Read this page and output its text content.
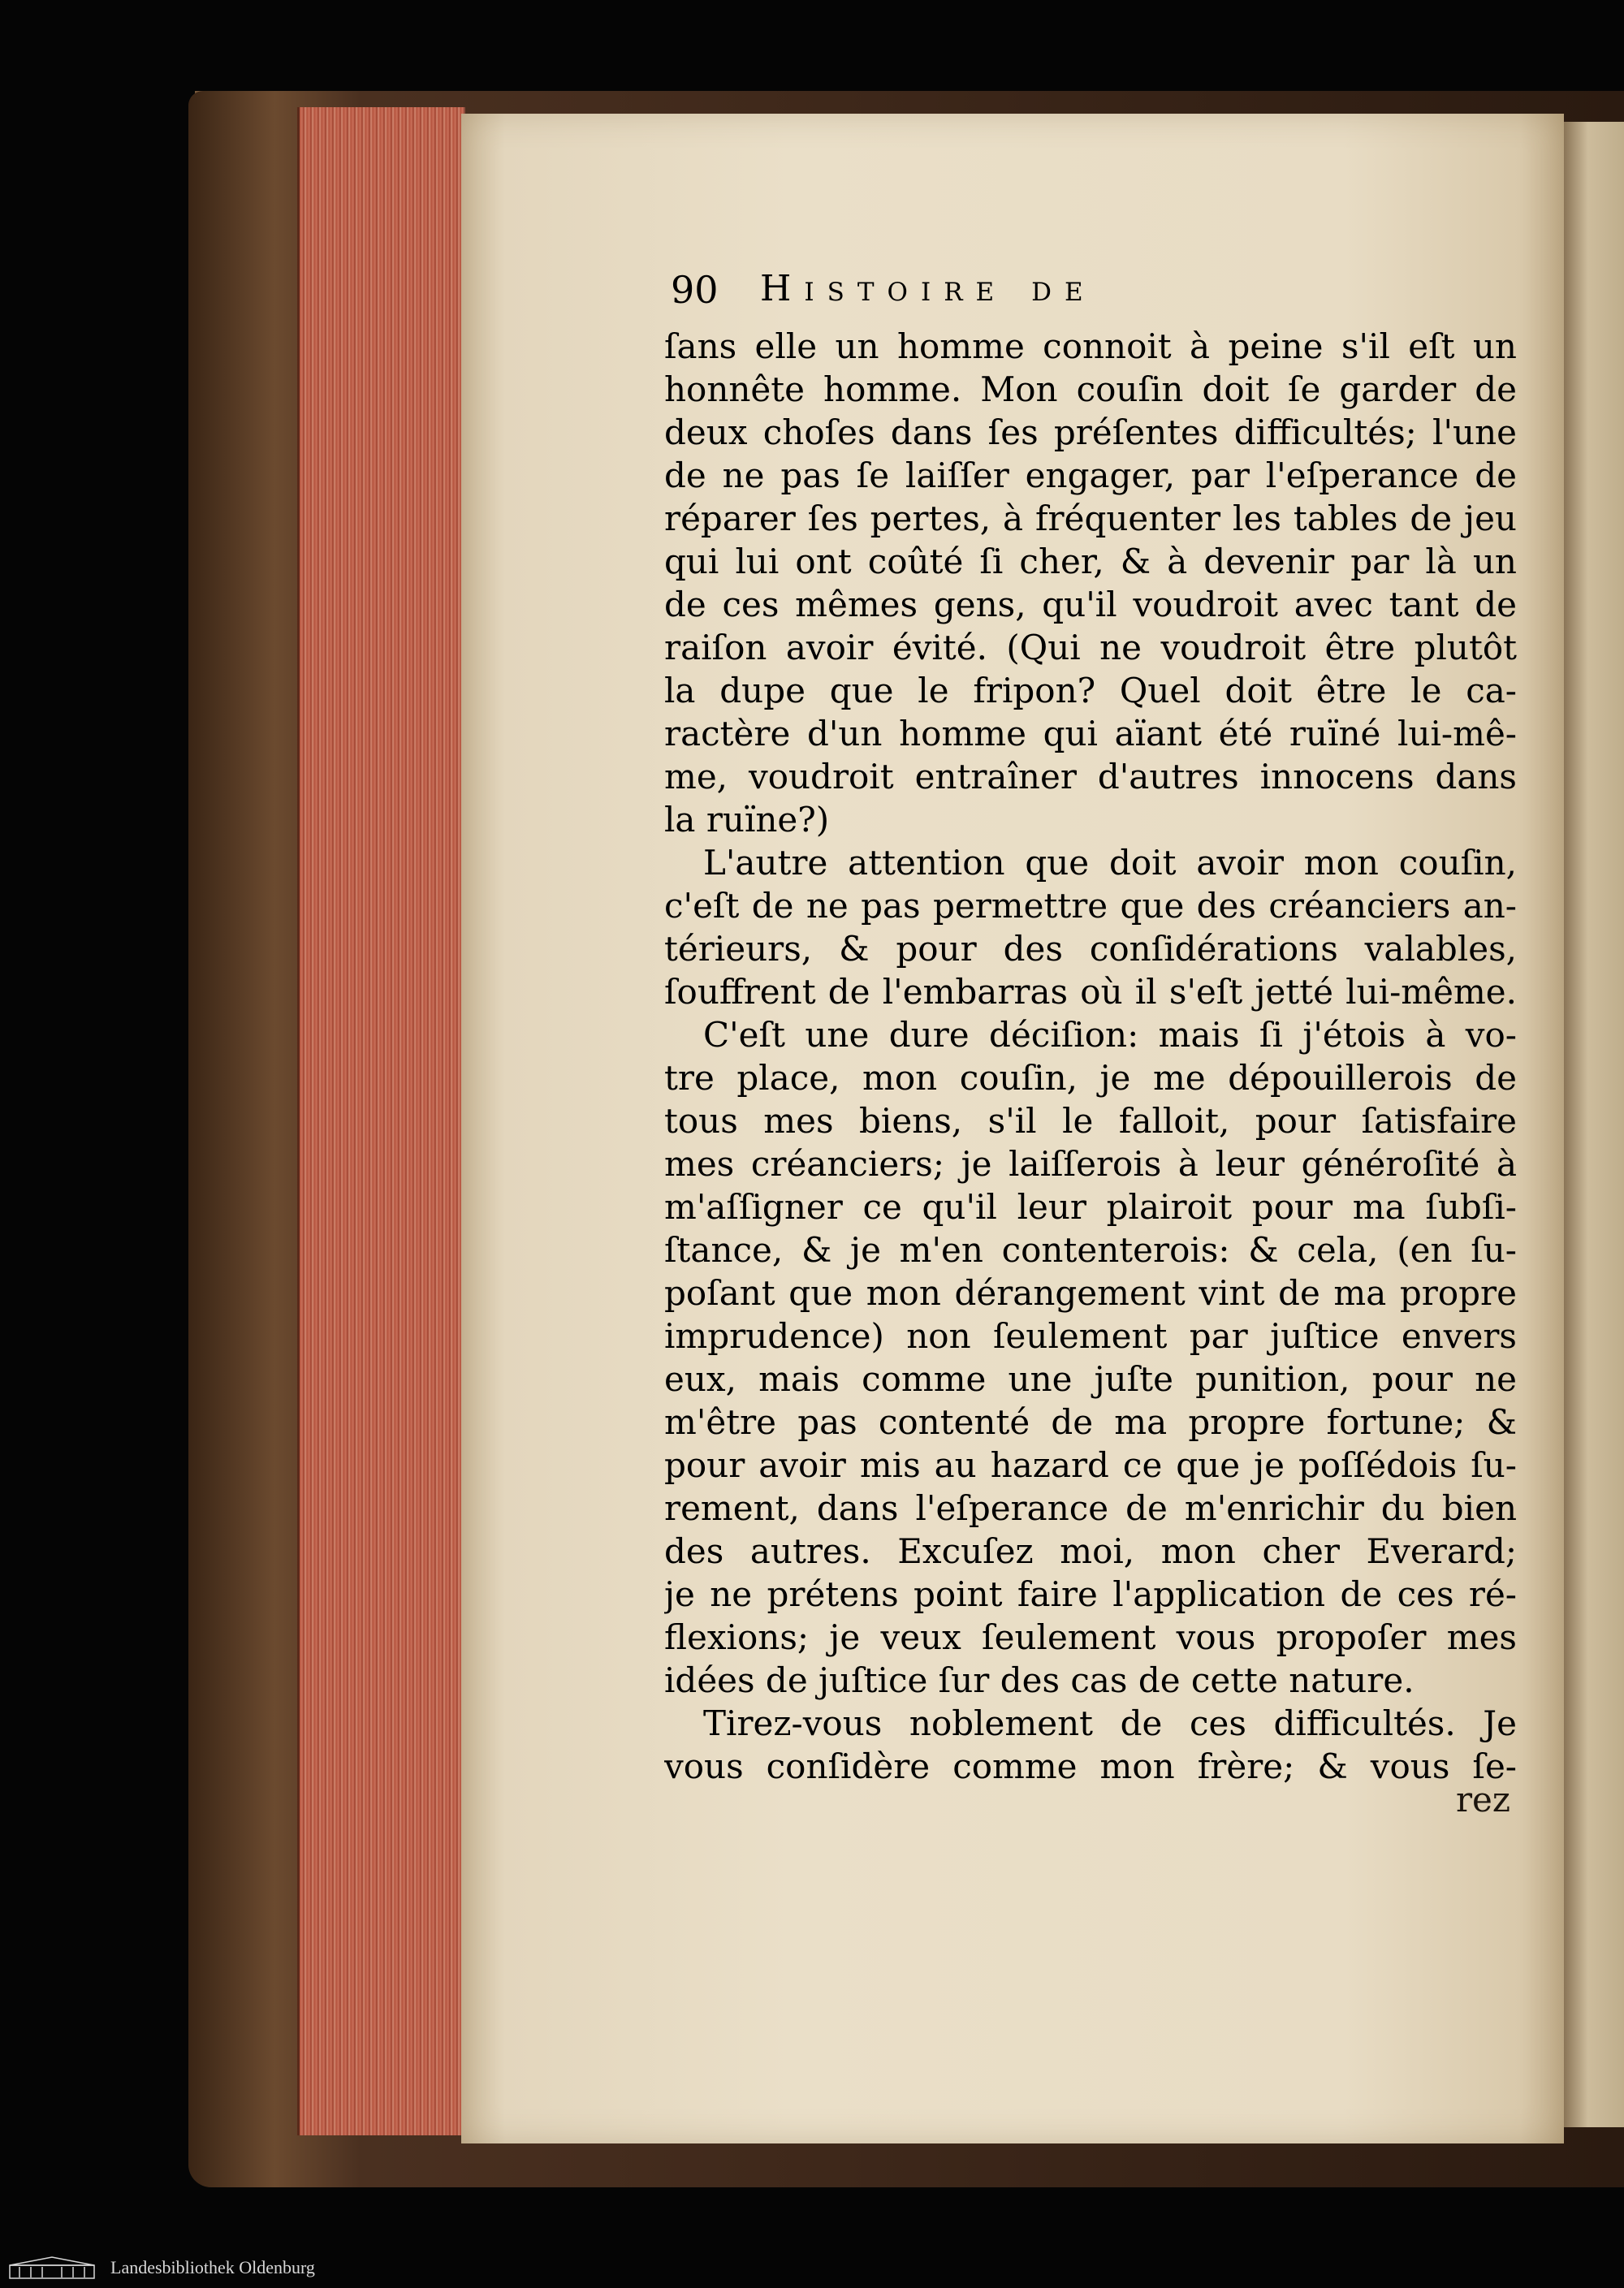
90 Histoire de
ſans elle un homme connoit à peine s'il eſt un
honnête homme. Mon couſin doit ſe garder de
deux choſes dans ſes préſentes difficultés; l'une
de ne pas ſe laiſſer engager, par l'eſperance de
réparer ſes pertes, à fréquenter les tables de jeu
qui lui ont coûté ſi cher, & à devenir par là un
de ces mêmes gens, qu'il voudroit avec tant de
raiſon avoir évité. (Qui ne voudroit être plutôt
la dupe que le fripon? Quel doit être le ca-
ractère d'un homme qui aïant été ruïné lui-mê-
me, voudroit entraîner d'autres innocens dans
la ruïne?)
L'autre attention que doit avoir mon couſin,
c'eſt de ne pas permettre que des créanciers an-
térieurs, & pour des conſidérations valables,
ſouffrent de l'embarras où il s'eſt jetté lui-même.
C'eſt une dure déciſion: mais ſi j'étois à vo-
tre place, mon couſin, je me dépouillerois de
tous mes biens, s'il le falloit, pour ſatisfaire
mes créanciers; je laiſſerois à leur généroſité à
m'aſſigner ce qu'il leur plairoit pour ma ſubſi-
ſtance, & je m'en contenterois: & cela, (en ſu-
poſant que mon dérangement vint de ma propre
imprudence) non ſeulement par juſtice envers
eux, mais comme une juſte punition, pour ne
m'être pas contenté de ma propre fortune; &
pour avoir mis au hazard ce que je poſſédois ſu-
rement, dans l'eſperance de m'enrichir du bien
des autres. Excuſez moi, mon cher Everard;
je ne prétens point faire l'application de ces ré-
flexions; je veux ſeulement vous propoſer mes
idées de juſtice ſur des cas de cette nature.
Tirez-vous noblement de ces difficultés. Je
vous conſidère comme mon frère; & vous ſe-
rez
Landesbibliothek Oldenburg
